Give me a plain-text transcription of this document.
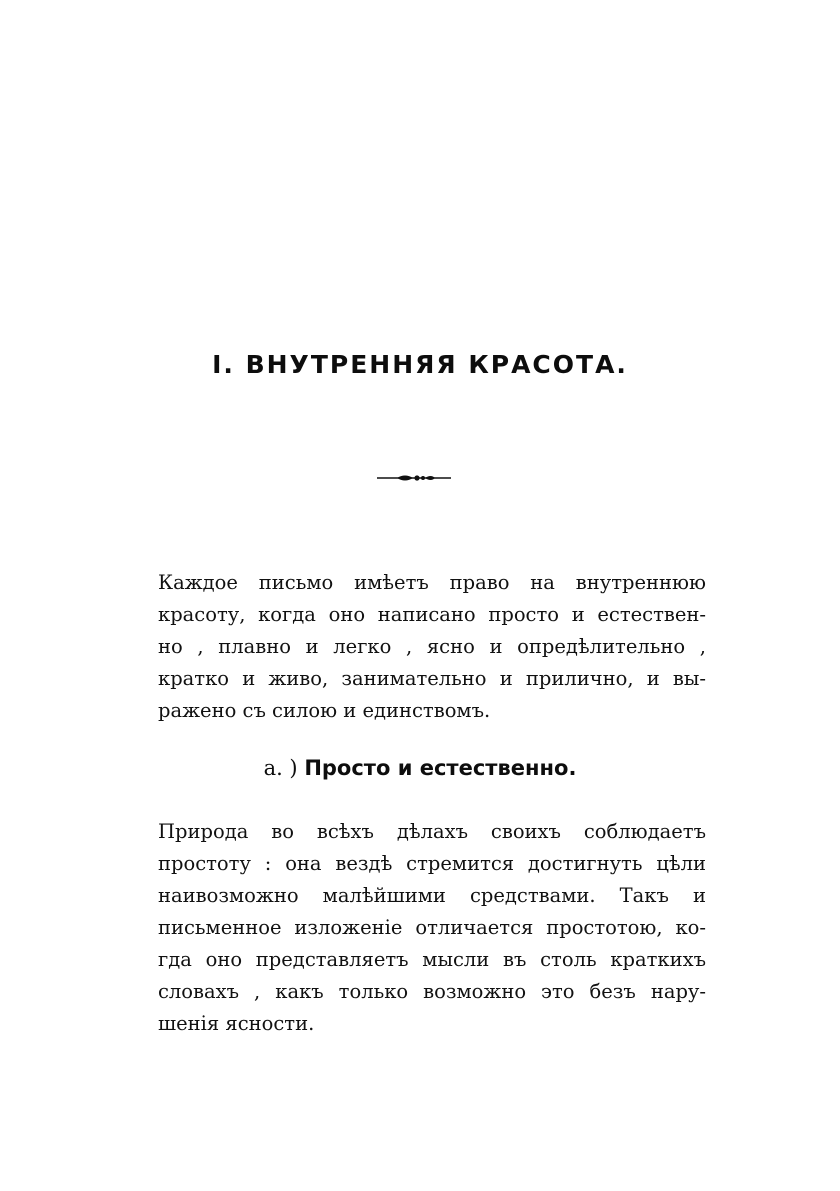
I. ВНУТРЕННЯЯ КРАСОТА.
Каждое письмо имѣетъ право на внутреннюю
красоту, когда оно написано просто и естествен-
но , плавно и легко , ясно и опредѣлительно ,
кратко и живо, занимательно и прилично, и вы-
ражено съ силою и единствомъ.
a. ) Просто и естественно.
Природа во всѣхъ дѣлахъ своихъ соблюдаетъ
простоту : она вездѣ стремится достигнуть цѣли
наивозможно малѣйшими средствами. Такъ и
письменное изложеніе отличается простотою, ко-
гда оно представляетъ мысли въ столь краткихъ
словахъ , какъ только возможно это безъ нару-
шенія ясности.
